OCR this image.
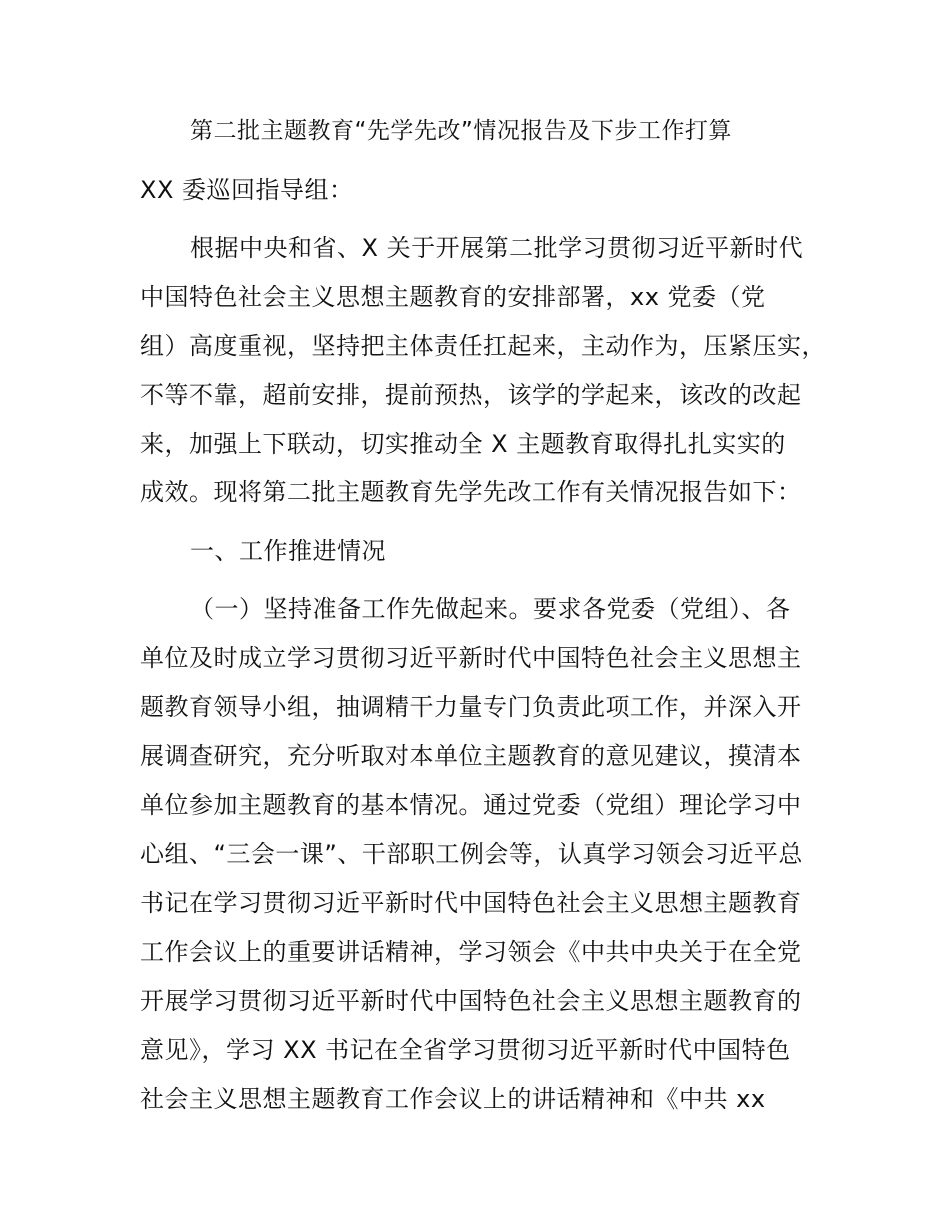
第二批主题教育“先学先改”情况报告及下步工作打算
XX 委巡回指导组：
根据中央和省、X 关于开展第二批学习贯彻习近平新时代
中国特色社会主义思想主题教育的安排部署，xx 党委（党
组）高度重视，坚持把主体责任扛起来，主动作为，压紧压实，
不等不靠，超前安排，提前预热，该学的学起来，该改的改起
来，加强上下联动，切实推动全 X 主题教育取得扎扎实实的
成效。现将第二批主题教育先学先改工作有关情况报告如下：
一、工作推进情况
（一）坚持准备工作先做起来。要求各党委（党组）、各
单位及时成立学习贯彻习近平新时代中国特色社会主义思想主
题教育领导小组，抽调精干力量专门负责此项工作，并深入开
展调查研究，充分听取对本单位主题教育的意见建议，摸清本
单位参加主题教育的基本情况。通过党委（党组）理论学习中
心组、“三会一课”、干部职工例会等，认真学习领会习近平总
书记在学习贯彻习近平新时代中国特色社会主义思想主题教育
工作会议上的重要讲话精神，学习领会《中共中央关于在全党
开展学习贯彻习近平新时代中国特色社会主义思想主题教育的
意见》，学习 XX 书记在全省学习贯彻习近平新时代中国特色
社会主义思想主题教育工作会议上的讲话精神和《中共 xx
